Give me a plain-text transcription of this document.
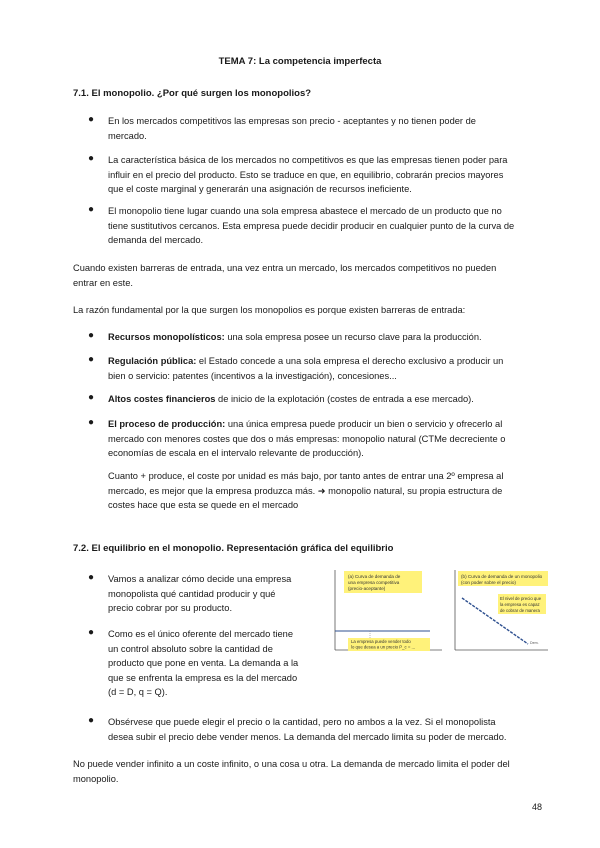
TEMA 7: La competencia imperfecta
7.1. El monopolio. ¿Por qué surgen los monopolios?
● En los mercados competitivos las empresas son precio - aceptantes y no tienen poder de
mercado.
● La característica básica de los mercados no competitivos es que las empresas tienen poder para
influir en el precio del producto. Esto se traduce en que, en equilibrio, cobrarán precios mayores
que el coste marginal y generarán una asignación de recursos ineficiente.
● El monopolio tiene lugar cuando una sola empresa abastece el mercado de un producto que no
tiene sustitutivos cercanos. Esta empresa puede decidir producir en cualquier punto de la curva de
demanda del mercado.
Cuando existen barreras de entrada, una vez entra un mercado, los mercados competitivos no pueden
entrar en este.
La razón fundamental por la que surgen los monopolios es porque existen barreras de entrada:
● Recursos monopolísticos: una sola empresa posee un recurso clave para la producción.
● Regulación pública: el Estado concede a una sola empresa el derecho exclusivo a producir un
bien o servicio: patentes (incentivos a la investigación), concesiones...
● Altos costes financieros de inicio de la explotación (costes de entrada a ese mercado).
● El proceso de producción: una única empresa puede producir un bien o servicio y ofrecerlo al
mercado con menores costes que dos o más empresas: monopolio natural (CTMe decreciente o
economías de escala en el intervalo relevante de producción).
Cuanto + produce, el coste por unidad es más bajo, por tanto antes de entrar una 2º empresa al
mercado, es mejor que la empresa produzca más. ➜ monopolio natural, su propia estructura de
costes hace que esta se quede en el mercado
7.2. El equilibrio en el monopolio. Representación gráfica del equilibrio
● Vamos a analizar cómo decide una empresa
monopolista qué cantidad producir y qué
precio cobrar por su producto.
● Como es el único oferente del mercado tiene
un control absoluto sobre la cantidad de
producto que pone en venta. La demanda a la
que se enfrenta la empresa es la del mercado
(d = D, q = Q).
(a) Curva de demanda de
una empresa competitiva
(precio-aceptante)
La empresa puede vender todo
lo que desea a un precio P_c = ...
(b) Curva de demanda de un monopolio
(con poder sobre el precio)
El nivel de precio que
la empresa es capaz
de cobrar de manera
Dem.
● Obsérvese que puede elegir el precio o la cantidad, pero no ambos a la vez. Si el monopolista
desea subir el precio debe vender menos. La demanda del mercado limita su poder de mercado.
No puede vender infinito a un coste infinito, o una cosa u otra. La demanda de mercado limita el poder del
monopolio.
48
